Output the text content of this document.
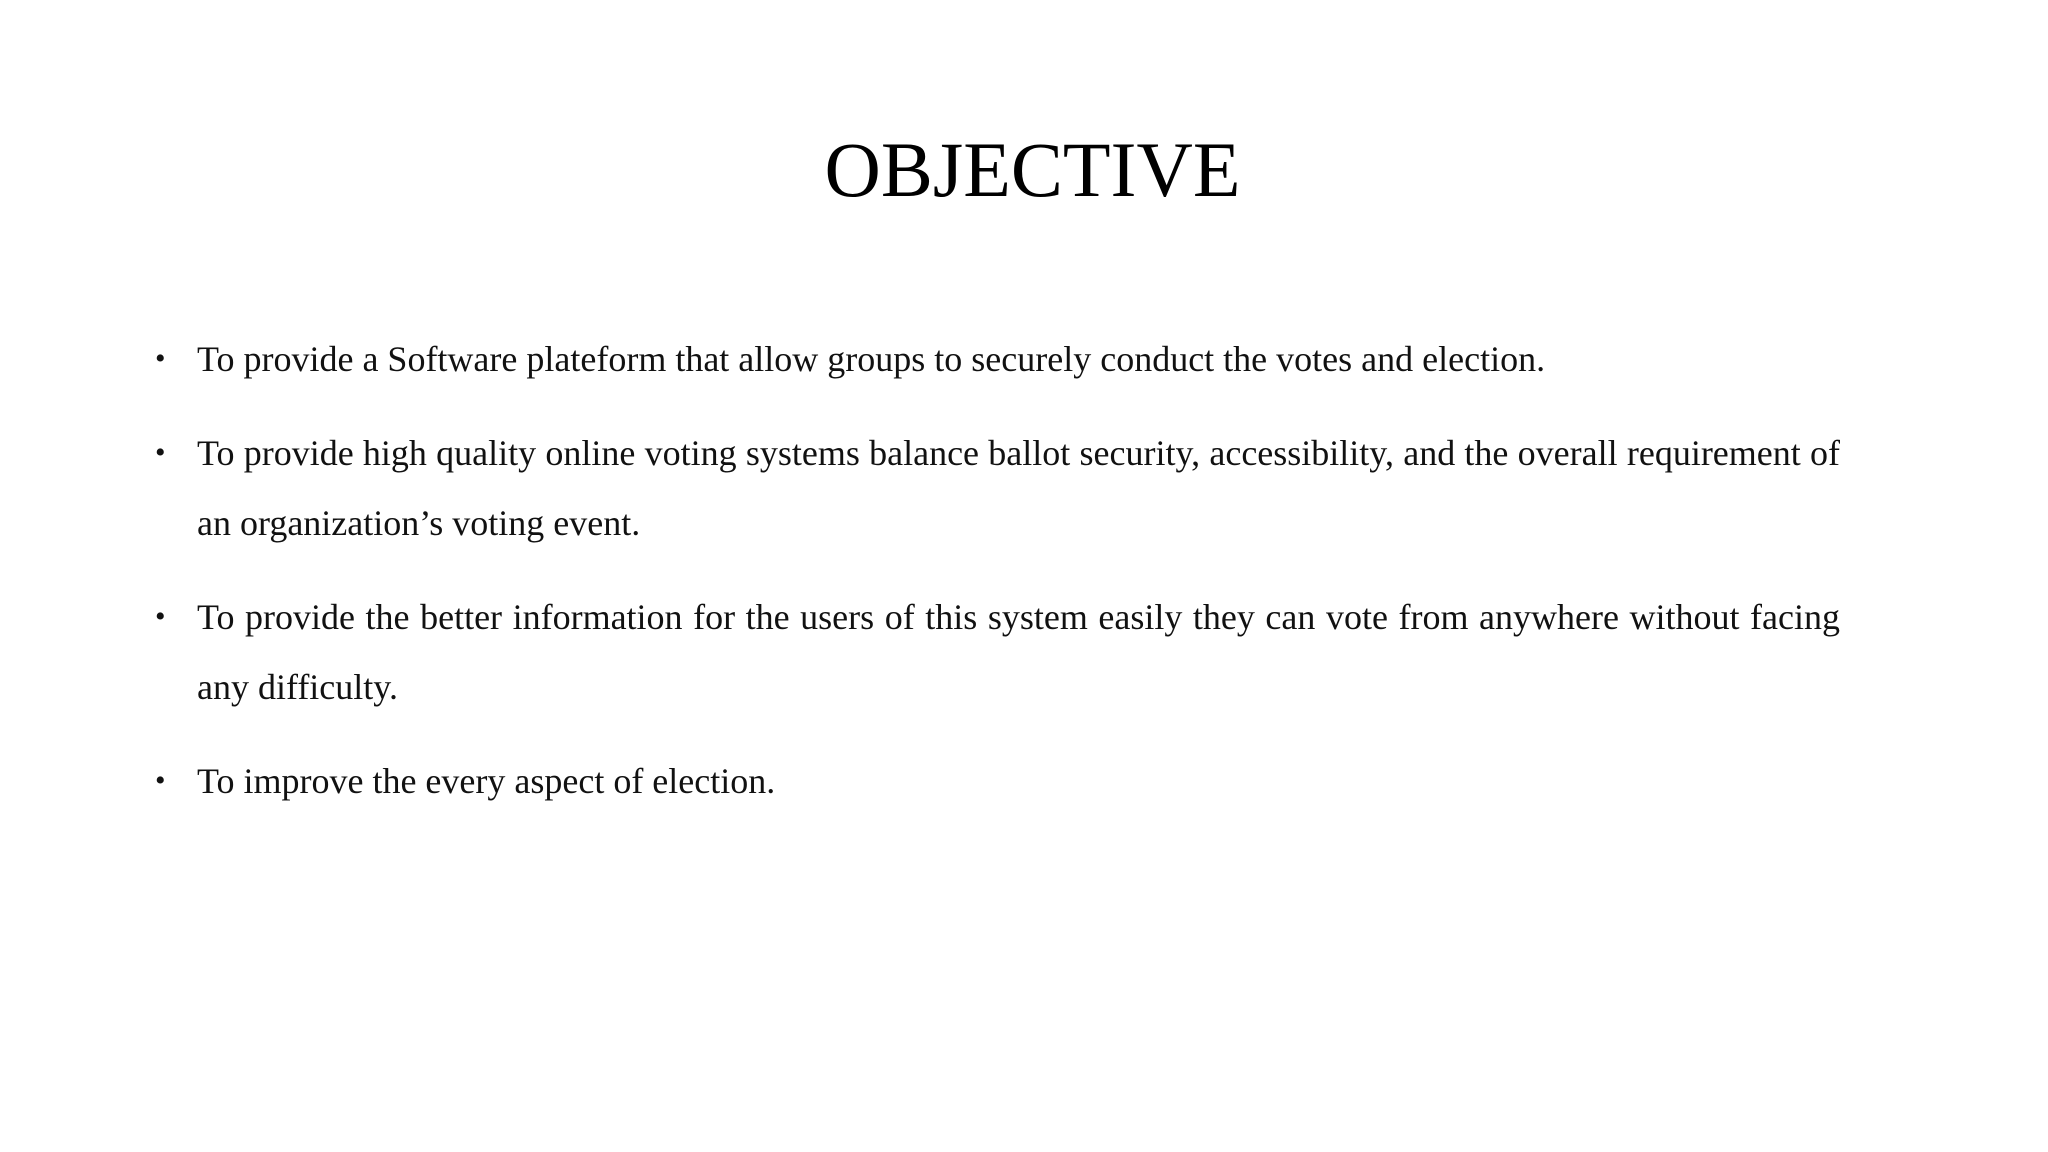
OBJECTIVE
• To provide a Software plateform that allow groups to securely conduct the votes and election.
• To provide high quality online voting systems balance ballot security, accessibility, and the overall requirement of an organization’s voting event.
• To provide the better information for the users of this system easily they can vote from anywhere without facing any difficulty.
• To improve the every aspect of election.
